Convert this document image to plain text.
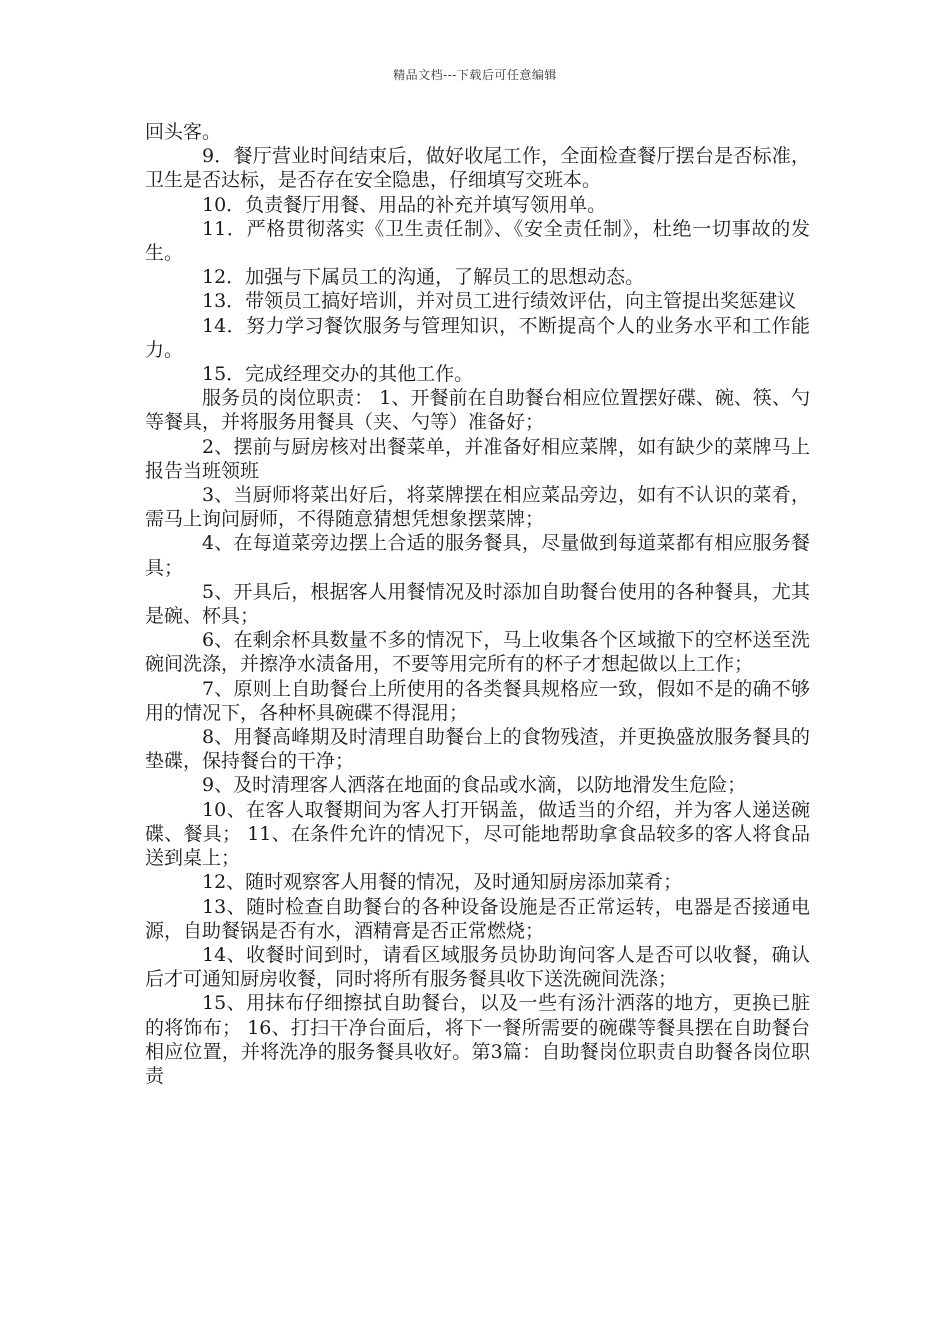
精品文档---下载后可任意编辑

回头客。

9．餐厅营业时间结束后，做好收尾工作，全面检查餐厅摆台是否标准，卫生是否达标，是否存在安全隐患，仔细填写交班本。

10．负责餐厅用餐、用品的补充并填写领用单。

11．严格贯彻落实《卫生责任制》、《安全责任制》，杜绝一切事故的发生。

12．加强与下属员工的沟通，了解员工的思想动态。

13．带领员工搞好培训，并对员工进行绩效评估，向主管提出奖惩建议

14．努力学习餐饮服务与管理知识，不断提高个人的业务水平和工作能力。

15．完成经理交办的其他工作。

服务员的岗位职责： 1、开餐前在自助餐台相应位置摆好碟、碗、筷、勺等餐具，并将服务用餐具（夹、勺等）准备好；

2、摆前与厨房核对出餐菜单，并准备好相应菜牌，如有缺少的菜牌马上报告当班领班

3、当厨师将菜出好后，将菜牌摆在相应菜品旁边，如有不认识的菜肴，需马上询问厨师，不得随意猜想凭想象摆菜牌；

4、在每道菜旁边摆上合适的服务餐具，尽量做到每道菜都有相应服务餐具；

5、开具后，根据客人用餐情况及时添加自助餐台使用的各种餐具，尤其是碗、杯具；

6、在剩余杯具数量不多的情况下，马上收集各个区域撤下的空杯送至洗碗间洗涤，并擦净水渍备用，不要等用完所有的杯子才想起做以上工作；

7、原则上自助餐台上所使用的各类餐具规格应一致，假如不是的确不够用的情况下，各种杯具碗碟不得混用；

8、用餐高峰期及时清理自助餐台上的食物残渣，并更换盛放服务餐具的垫碟，保持餐台的干净；

9、及时清理客人洒落在地面的食品或水滴，以防地滑发生危险；

10、在客人取餐期间为客人打开锅盖，做适当的介绍，并为客人递送碗碟、餐具； 11、在条件允许的情况下，尽可能地帮助拿食品较多的客人将食品送到桌上；

12、随时观察客人用餐的情况，及时通知厨房添加菜肴；

13、随时检查自助餐台的各种设备设施是否正常运转，电器是否接通电源，自助餐锅是否有水，酒精膏是否正常燃烧；

14、收餐时间到时，请看区域服务员协助询问客人是否可以收餐，确认后才可通知厨房收餐，同时将所有服务餐具收下送洗碗间洗涤；

15、用抹布仔细擦拭自助餐台，以及一些有汤汁洒落的地方，更换已脏的将饰布； 16、打扫干净台面后，将下一餐所需要的碗碟等餐具摆在自助餐台相应位置，并将洗净的服务餐具收好。第3篇：自助餐岗位职责自助餐各岗位职责
